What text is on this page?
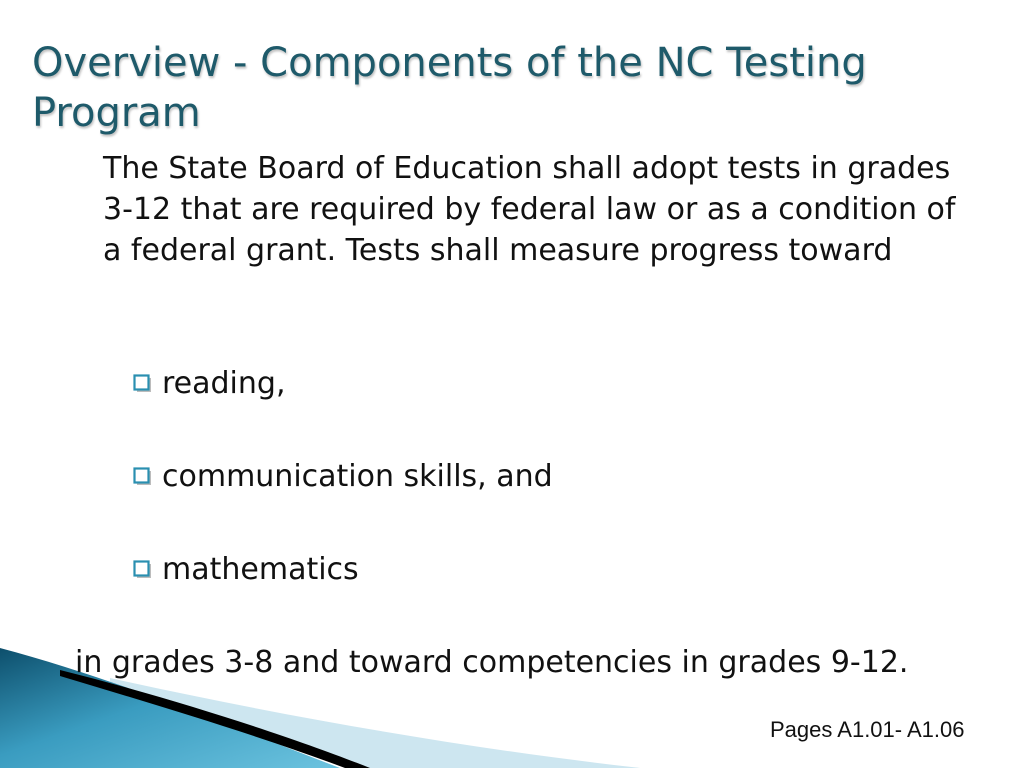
Overview - Components of the NC Testing Program

The State Board of Education shall adopt tests in grades 3-12 that are required by federal law or as a condition of a federal grant. Tests shall measure progress toward

reading,
communication skills, and
mathematics
in grades 3-8 and toward competencies in grades 9-12.
Pages A1.01- A1.06
